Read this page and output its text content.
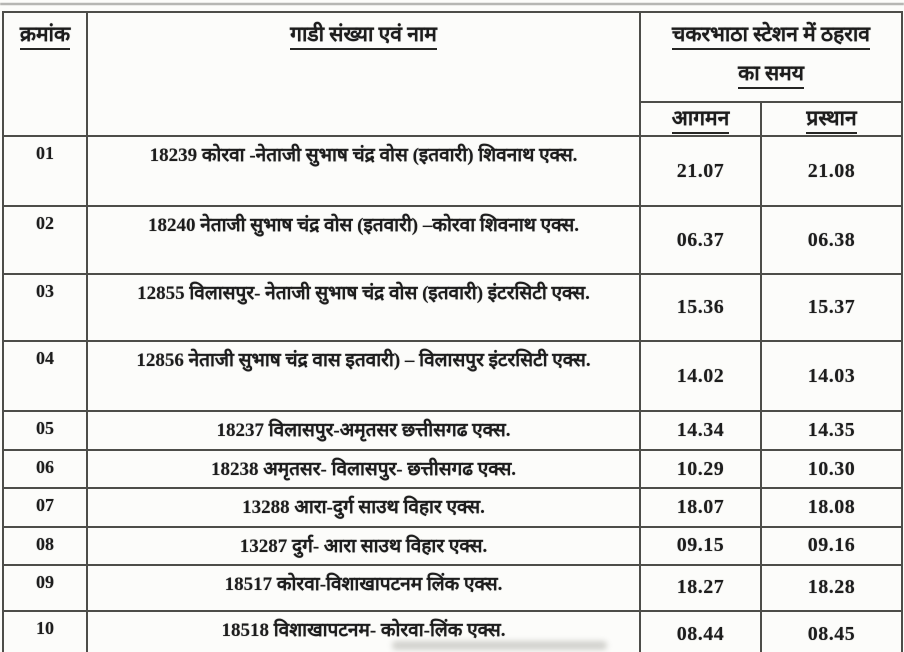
क्रमांक	गाडी संख्या एवं नाम	चकरभाठा स्टेशन में ठहराव
का समय	

		आगमन	प्रस्थान
01	18239 कोरवा -नेताजी सुभाष चंद्र वोस (इतवारी) शिवनाथ एक्स.	21.07	21.08
02	18240 नेताजी सुभाष चंद्र वोस (इतवारी) –कोरवा शिवनाथ एक्स.	06.37	06.38
03	12855 विलासपुर- नेताजी सुभाष चंद्र वोस (इतवारी) इंटरसिटी एक्स.	15.36	15.37
04	12856 नेताजी सुभाष चंद्र वास इतवारी) – विलासपुर इंटरसिटी एक्स.	14.02	14.03
05	18237 विलासपुर-अमृतसर छत्तीसगढ एक्स.	14.34	14.35
06	18238 अमृतसर- विलासपुर- छत्तीसगढ एक्स.	10.29	10.30
07	13288 आरा-दुर्ग साउथ विहार एक्स.	18.07	18.08
08	13287 दुर्ग- आरा साउथ विहार एक्स.	09.15	09.16
09	18517 कोरवा-विशाखापटनम लिंक एक्स.	18.27	18.28
10	18518 विशाखापटनम- कोरवा-लिंक एक्स.	08.44	08.45
